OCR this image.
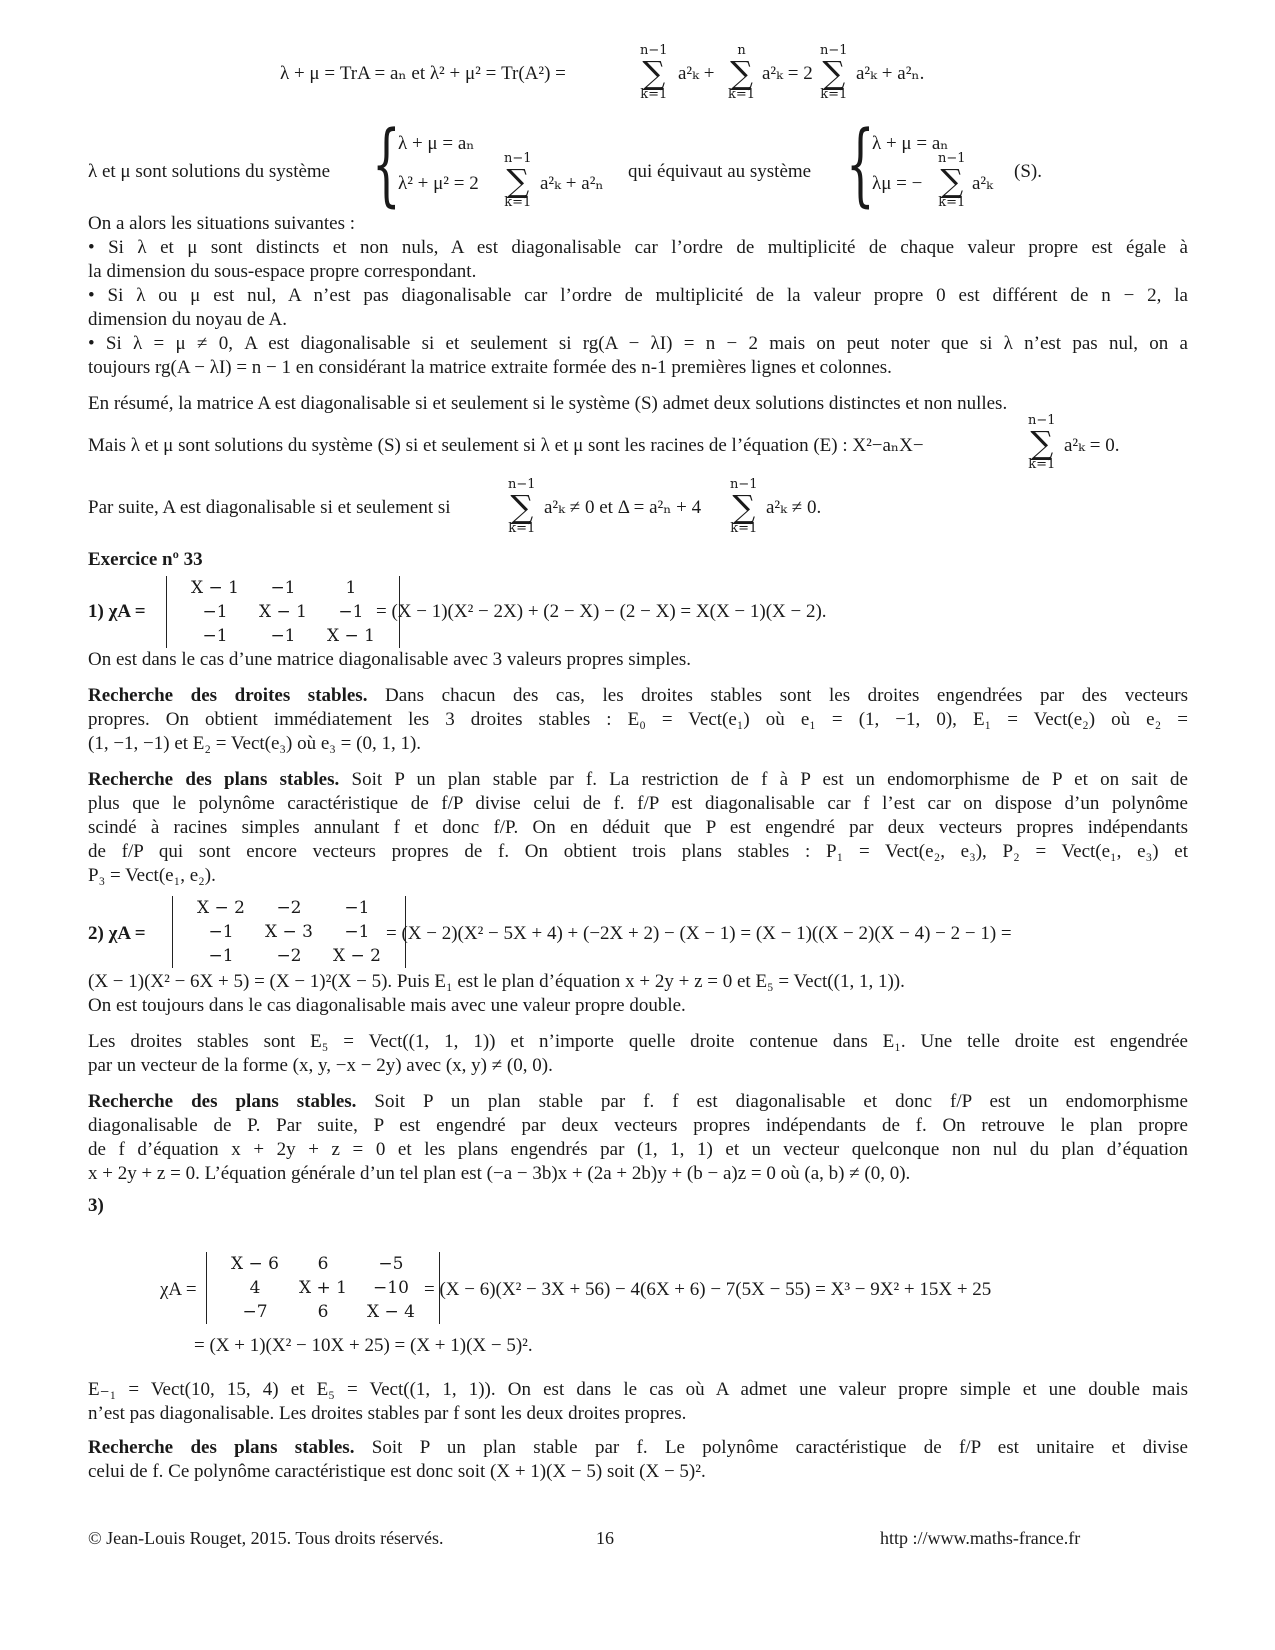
λ + μ = TrA = aₙ et λ² + μ² = Tr(A²) =
n−1
∑
k=1
a²ₖ +
n
∑
k=1
a²ₖ = 2
n−1
∑
k=1
a²ₖ + a²ₙ.
λ et μ sont solutions du système {
λ + μ = aₙ
λ² + μ² = 2
n−1
∑
k=1
a²ₖ + a²ₙ
qui équivaut au système {
λ + μ = aₙ
λμ = −
n−1
∑
k=1
a²ₖ
(S).
On a alors les situations suivantes :
• Si λ et μ sont distincts et non nuls, A est diagonalisable car l’ordre de multiplicité de chaque valeur propre est égale à
la dimension du sous-espace propre correspondant.
• Si λ ou μ est nul, A n’est pas diagonalisable car l’ordre de multiplicité de la valeur propre 0 est différent de n − 2, la
dimension du noyau de A.
• Si λ = μ ≠ 0, A est diagonalisable si et seulement si rg(A − λI) = n − 2 mais on peut noter que si λ n’est pas nul, on a
toujours rg(A − λI) = n − 1 en considérant la matrice extraite formée des n-1 premières lignes et colonnes.
En résumé, la matrice A est diagonalisable si et seulement si le système (S) admet deux solutions distinctes et non nulles.
Mais λ et μ sont solutions du système (S) si et seulement si λ et μ sont les racines de l’équation (E) : X²−aₙX−
n−1
∑
k=1
a²ₖ = 0.
Par suite, A est diagonalisable si et seulement si
n−1
∑
k=1
a²ₖ ≠ 0 et Δ = a²ₙ + 4
n−1
∑
k=1
a²ₖ ≠ 0.
Exercice nº 33
1) χA =
X − 1	−1	1
−1	X − 1	−1
−1	−1	X − 1
= (X − 1)(X² − 2X) + (2 − X) − (2 − X) = X(X − 1)(X − 2).
On est dans le cas d’une matrice diagonalisable avec 3 valeurs propres simples.
Recherche des droites stables. Dans chacun des cas, les droites stables sont les droites engendrées par des vecteurs
propres. On obtient immédiatement les 3 droites stables : E₀ = Vect(e₁) où e₁ = (1, −1, 0), E₁ = Vect(e₂) où e₂ =
(1, −1, −1) et E₂ = Vect(e₃) où e₃ = (0, 1, 1).
Recherche des plans stables. Soit P un plan stable par f. La restriction de f à P est un endomorphisme de P et on sait de
plus que le polynôme caractéristique de f/P divise celui de f. f/P est diagonalisable car f l’est car on dispose d’un polynôme
scindé à racines simples annulant f et donc f/P. On en déduit que P est engendré par deux vecteurs propres indépendants
de f/P qui sont encore vecteurs propres de f. On obtient trois plans stables : P₁ = Vect(e₂, e₃), P₂ = Vect(e₁, e₃) et
P₃ = Vect(e₁, e₂).
2) χA =
X − 2	−2	−1
−1	X − 3	−1
−1	−2	X − 2
= (X − 2)(X² − 5X + 4) + (−2X + 2) − (X − 1) = (X − 1)((X − 2)(X − 4) − 2 − 1) =
(X − 1)(X² − 6X + 5) = (X − 1)²(X − 5). Puis E₁ est le plan d’équation x + 2y + z = 0 et E₅ = Vect((1, 1, 1)).
On est toujours dans le cas diagonalisable mais avec une valeur propre double.
Les droites stables sont E₅ = Vect((1, 1, 1)) et n’importe quelle droite contenue dans E₁. Une telle droite est engendrée
par un vecteur de la forme (x, y, −x − 2y) avec (x, y) ≠ (0, 0).
Recherche des plans stables. Soit P un plan stable par f. f est diagonalisable et donc f/P est un endomorphisme
diagonalisable de P. Par suite, P est engendré par deux vecteurs propres indépendants de f. On retrouve le plan propre
de f d’équation x + 2y + z = 0 et les plans engendrés par (1, 1, 1) et un vecteur quelconque non nul du plan d’équation
x + 2y + z = 0. L’équation générale d’un tel plan est (−a − 3b)x + (2a + 2b)y + (b − a)z = 0 où (a, b) ≠ (0, 0).
3)
χA =
X − 6	6	−5
4	X + 1	−10
−7	6	X − 4
= (X − 6)(X² − 3X + 56) − 4(6X + 6) − 7(5X − 55) = X³ − 9X² + 15X + 25
= (X + 1)(X² − 10X + 25) = (X + 1)(X − 5)².
E₋₁ = Vect(10, 15, 4) et E₅ = Vect((1, 1, 1)). On est dans le cas où A admet une valeur propre simple et une double mais
n’est pas diagonalisable. Les droites stables par f sont les deux droites propres.
Recherche des plans stables. Soit P un plan stable par f. Le polynôme caractéristique de f/P est unitaire et divise
celui de f. Ce polynôme caractéristique est donc soit (X + 1)(X − 5) soit (X − 5)².
© Jean-Louis Rouget, 2015. Tous droits réservés.	16	http ://www.maths-france.fr
